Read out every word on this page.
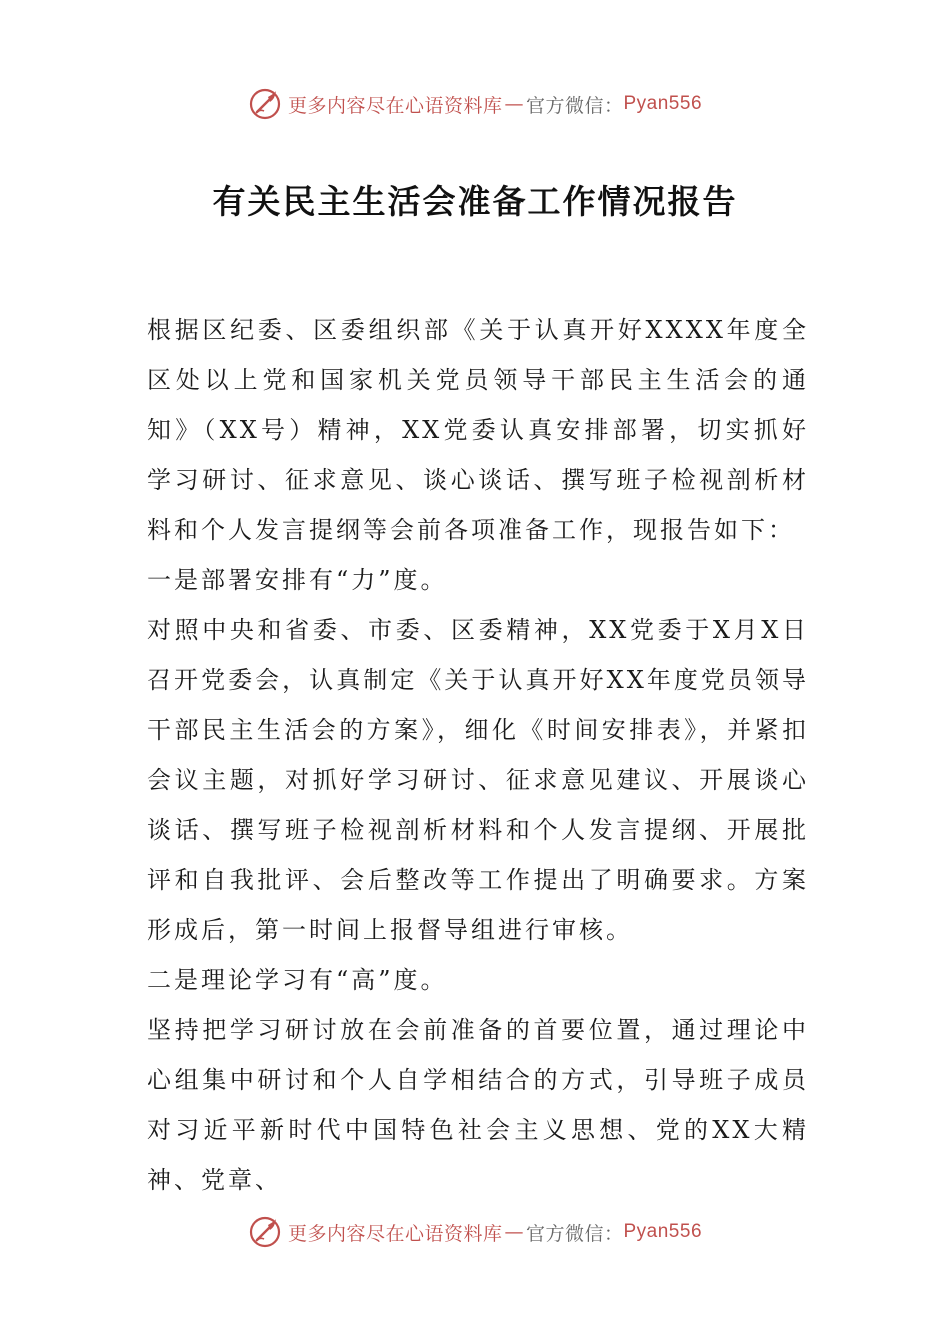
更多内容尽在心语资料库 — 官方微信： Pyan556
有关民主生活会准备工作情况报告

根据区纪委、区委组织部《关于认真开好XXXX年度全区处以上党和国家机关党员领导干部民主生活会的通知》（XX号）精神，XX党委认真安排部署，切实抓好学习研讨、征求意见、谈心谈话、撰写班子检视剖析材料和个人发言提纲等会前各项准备工作，现报告如下：

一是部署安排有“力”度。

对照中央和省委、市委、区委精神，XX党委于X月X日召开党委会，认真制定《关于认真开好XX年度党员领导干部民主生活会的方案》，细化《时间安排表》，并紧扣会议主题，对抓好学习研讨、征求意见建议、开展谈心谈话、撰写班子检视剖析材料和个人发言提纲、开展批评和自我批评、会后整改等工作提出了明确要求。方案形成后，第一时间上报督导组进行审核。

二是理论学习有“高”度。

坚持把学习研讨放在会前准备的首要位置，通过理论中心组集中研讨和个人自学相结合的方式，引导班子成员对习近平新时代中国特色社会主义思想、党的XX大精神、党章、

更多内容尽在心语资料库 — 官方微信： Pyan556
